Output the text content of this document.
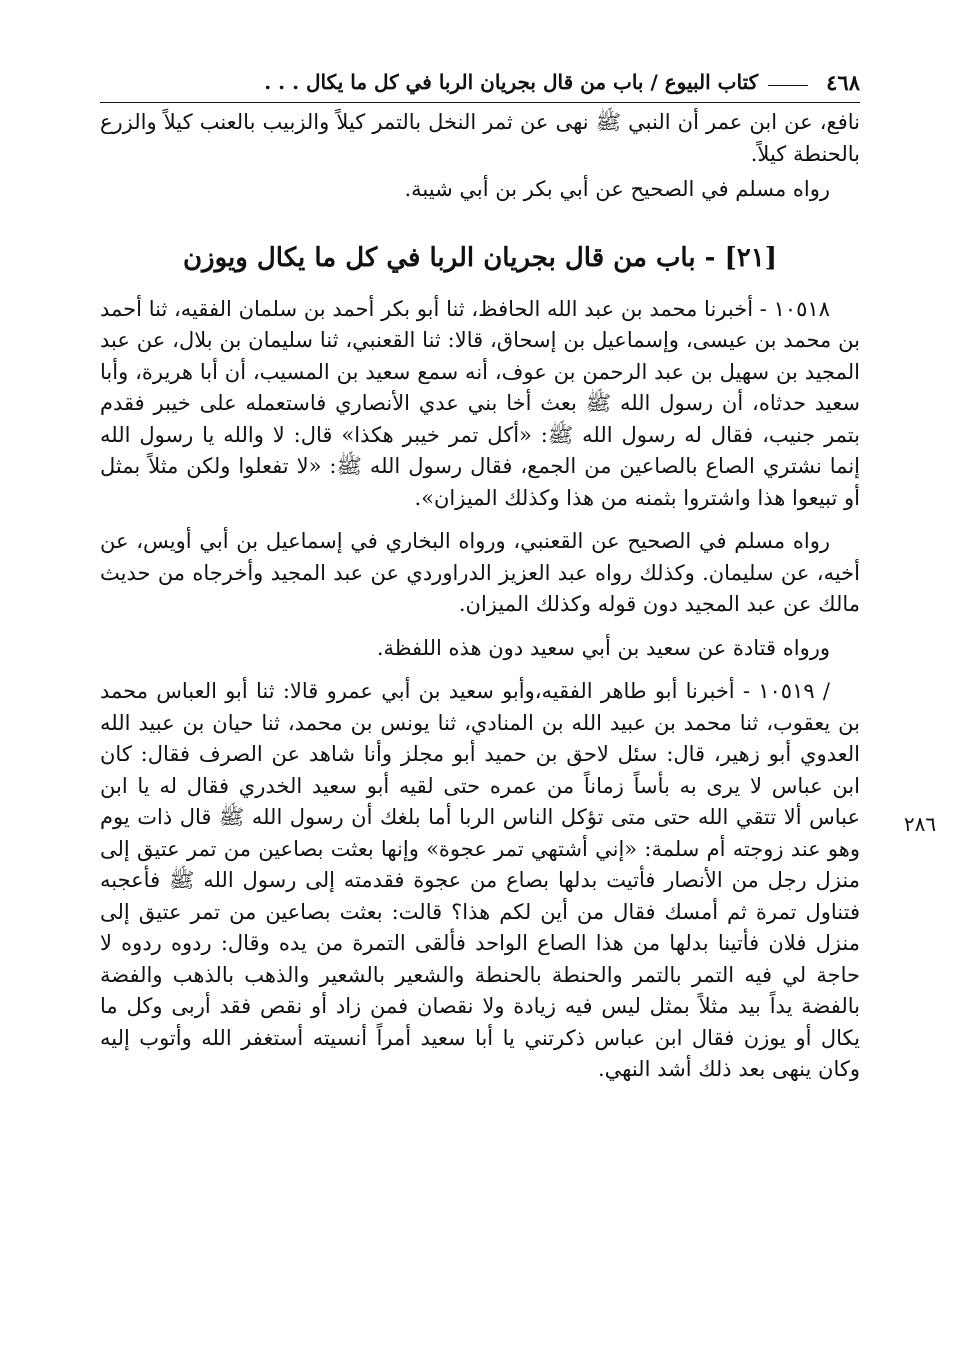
٤٦٨
كتاب البيوع / باب من قال بجريان الربا في كل ما يكال . . .

نافع، عن ابن عمر أن النبي ﷺ نهى عن ثمر النخل بالتمر كيلاً والزبيب بالعنب كيلاً والزرع بالحنطة كيلاً.

رواه مسلم في الصحيح عن أبي بكر بن أبي شيبة.

[٢١] - باب من قال بجريان الربا في كل ما يكال ويوزن

١٠٥١٨ - أخبرنا محمد بن عبد الله الحافظ، ثنا أبو بكر أحمد بن سلمان الفقيه، ثنا أحمد بن محمد بن عيسى، وإسماعيل بن إسحاق، قالا: ثنا القعنبي، ثنا سليمان بن بلال، عن عبد المجيد بن سهيل بن عبد الرحمن بن عوف، أنه سمع سعيد بن المسيب، أن أبا هريرة، وأبا سعيد حدثاه، أن رسول الله ﷺ بعث أخا بني عدي الأنصاري فاستعمله على خيبر فقدم بتمر جنيب، فقال له رسول الله ﷺ: «أكل تمر خيبر هكذا» قال: لا والله يا رسول الله إنما نشتري الصاع بالصاعين من الجمع، فقال رسول الله ﷺ: «لا تفعلوا ولكن مثلاً بمثل أو تبيعوا هذا واشتروا بثمنه من هذا وكذلك الميزان».

رواه مسلم في الصحيح عن القعنبي، ورواه البخاري في إسماعيل بن أبي أويس، عن أخيه، عن سليمان. وكذلك رواه عبد العزيز الدراوردي عن عبد المجيد وأخرجاه من حديث مالك عن عبد المجيد دون قوله وكذلك الميزان.

ورواه قتادة عن سعيد بن أبي سعيد دون هذه اللفظة.

/ ١٠٥١٩ - أخبرنا أبو طاهر الفقيه،وأبو سعيد بن أبي عمرو قالا: ثنا أبو العباس محمد بن يعقوب، ثنا محمد بن عبيد الله بن المنادي، ثنا يونس بن محمد، ثنا حيان بن عبيد الله العدوي أبو زهير، قال: سئل لاحق بن حميد أبو مجلز وأنا شاهد عن الصرف فقال: كان ابن عباس لا يرى به بأساً زماناً من عمره حتى لقيه أبو سعيد الخدري فقال له يا ابن عباس ألا تتقي الله حتى متى تؤكل الناس الربا أما بلغك أن رسول الله ﷺ قال ذات يوم وهو عند زوجته أم سلمة: «إني أشتهي تمر عجوة» وإنها بعثت بصاعين من تمر عتيق إلى منزل رجل من الأنصار فأتيت بدلها بصاع من عجوة فقدمته إلى رسول الله ﷺ فأعجبه فتناول تمرة ثم أمسك فقال من أين لكم هذا؟ قالت: بعثت بصاعين من تمر عتيق إلى منزل فلان فأتينا بدلها من هذا الصاع الواحد فألقى التمرة من يده وقال: ردوه ردوه لا حاجة لي فيه التمر بالتمر والحنطة بالحنطة والشعير بالشعير والذهب بالذهب والفضة بالفضة يداً بيد مثلاً بمثل ليس فيه زيادة ولا نقصان فمن زاد أو نقص فقد أربى وكل ما يكال أو يوزن فقال ابن عباس ذكرتني يا أبا سعيد أمراً أنسيته أستغفر الله وأتوب إليه وكان ينهى بعد ذلك أشد النهي.

٢٨٦
